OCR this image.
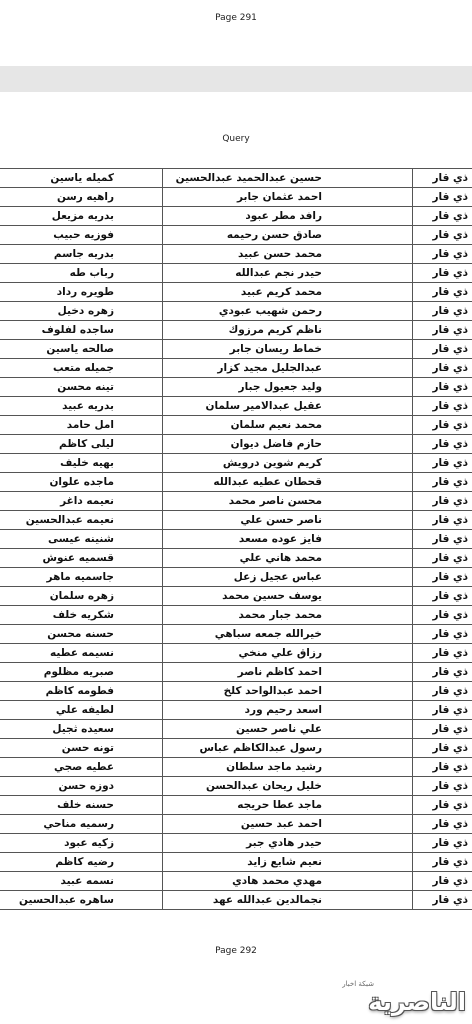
Page 291
Query
كميله ياسين	حسين عبدالحميد عبدالحسين	ذي قار
راهيه رسن	احمد عثمان جابر	ذي قار
بدريه مزيعل	رافد مطر عبود	ذي قار
فوزيه حبيب	صادق حسن رحيمه	ذي قار
بدريه جاسم	محمد حسن عبيد	ذي قار
رباب طه	حيدر نجم عبدالله	ذي قار
طويره رداد	محمد كريم عبيد	ذي قار
زهره دخيل	رحمن شهيب عبودي	ذي قار
ساجده لفلوف	ناظم كريم مرزوك	ذي قار
صالحه ياسين	خماط ريسان جابر	ذي قار
جميله متعب	عبدالجليل مجيد كزار	ذي قار
تينه محسن	وليد جعيول جبار	ذي قار
بدريه عبيد	عقيل عبدالامير سلمان	ذي قار
امل حامد	محمد نعيم سلمان	ذي قار
ليلى كاظم	حازم فاضل ديوان	ذي قار
بهيه خليف	كريم شوين درويش	ذي قار
ماجده علوان	قحطان عطيه عبدالله	ذي قار
نعيمه داغر	محسن ناصر محمد	ذي قار
نعيمه عبدالحسين	ناصر حسن علي	ذي قار
شنينه عيسى	فايز عوده مسعد	ذي قار
قسميه عنوش	محمد هاني علي	ذي قار
جاسميه ماهر	عباس عجيل زعل	ذي قار
زهره سلمان	يوسف حسين محمد	ذي قار
شكريه خلف	محمد جبار محمد	ذي قار
حسنه محسن	خيرالله جمعه سباهي	ذي قار
نسيمه عطيه	رزاق علي منخي	ذي قار
صبريه مظلوم	احمد كاظم ناصر	ذي قار
فطومه كاظم	احمد عبدالواحد كلخ	ذي قار
لطيفه علي	اسعد رحيم ورد	ذي قار
سعيده ثجيل	علي ناصر حسين	ذي قار
تونه حسن	رسول عبدالكاظم عباس	ذي قار
عطيه صجي	رشيد ماجد سلطان	ذي قار
دوزه حسن	خليل ريحان عبدالحسن	ذي قار
حسنه خلف	ماجد عطا حريجه	ذي قار
رسميه مناحي	احمد عبد حسين	ذي قار
زكيه عبود	حيدر هادي جبر	ذي قار
رضيه كاظم	نعيم شايع زايد	ذي قار
نسمه عبيد	مهدي محمد هادي	ذي قار
ساهره عبدالحسين	نجمالدين عبدالله عهد	ذي قار
Page 292
شبكة اخبار
الناصرية
